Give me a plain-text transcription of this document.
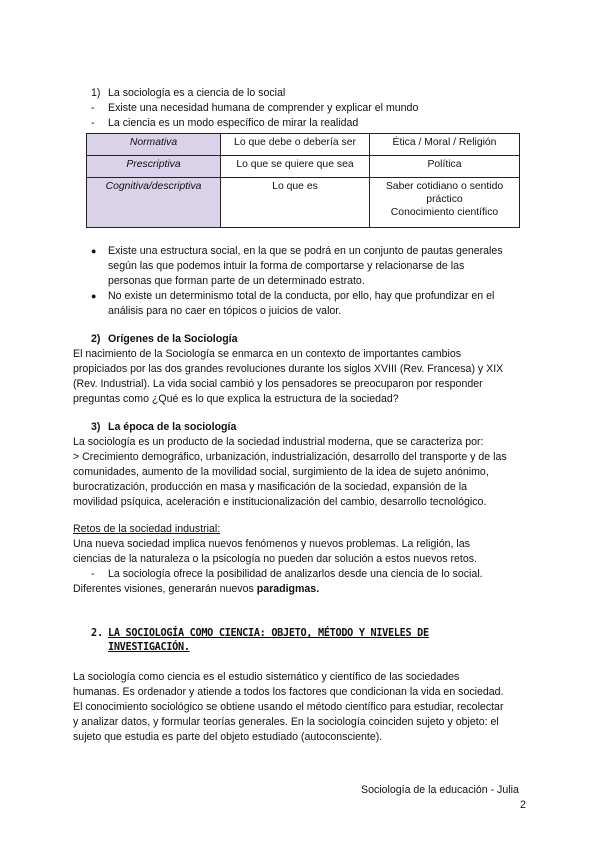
1) La sociología es a ciencia de lo social
- Existe una necesidad humana de comprender y explicar el mundo
- La ciencia es un modo específico de mirar la realidad
Normativa	Lo que debe o debería ser	Ética / Moral / Religión
Prescriptiva	Lo que se quiere que sea	Política
Cognitiva/descriptiva	Lo que es	Saber cotidiano o sentido
práctico
Conocimiento científico
● Existe una estructura social, en la que se podrá en un conjunto de pautas generales
según las que podemos intuir la forma de comportarse y relacionarse de las
personas que forman parte de un determinado estrato.
● No existe un determinismo total de la conducta, por ello, hay que profundizar en el
análisis para no caer en tópicos o juicios de valor.
2) Orígenes de la Sociología
El nacimiento de la Sociología se enmarca en un contexto de importantes cambios
propiciados por las dos grandes revoluciones durante los siglos XVIII (Rev. Francesa) y XIX
(Rev. Industrial). La vida social cambió y los pensadores se preocuparon por responder
preguntas como ¿Qué es lo que explica la estructura de la sociedad?
3) La época de la sociología
La sociología es un producto de la sociedad industrial moderna, que se caracteriza por:
> Crecimiento demográfico, urbanización, industrialización, desarrollo del transporte y de las
comunidades, aumento de la movilidad social, surgimiento de la idea de sujeto anónimo,
burocratización, producción en masa y masificación de la sociedad, expansión de la
movilidad psíquica, aceleración e institucionalización del cambio, desarrollo tecnológico.
Retos de la sociedad industrial:
Una nueva sociedad implica nuevos fenómenos y nuevos problemas. La religión, las
ciencias de la naturaleza o la psicología no pueden dar solución a estos nuevos retos.
- La sociología ofrece la posibilidad de analizarlos desde una ciencia de lo social.
Diferentes visiones, generarán nuevos paradigmas.
2. LA SOCIOLOGÍA COMO CIENCIA: OBJETO, MÉTODO Y NIVELES DE INVESTIGACIÓN.
La sociología como ciencia es el estudio sistemático y científico de las sociedades
humanas. Es ordenador y atiende a todos los factores que condicionan la vida en sociedad.
El conocimiento sociológico se obtiene usando el método científico para estudiar, recolectar
y analizar datos, y formular teorías generales. En la sociología coinciden sujeto y objeto: el
sujeto que estudia es parte del objeto estudiado (autoconsciente).
Sociología de la educación - Julia
2
